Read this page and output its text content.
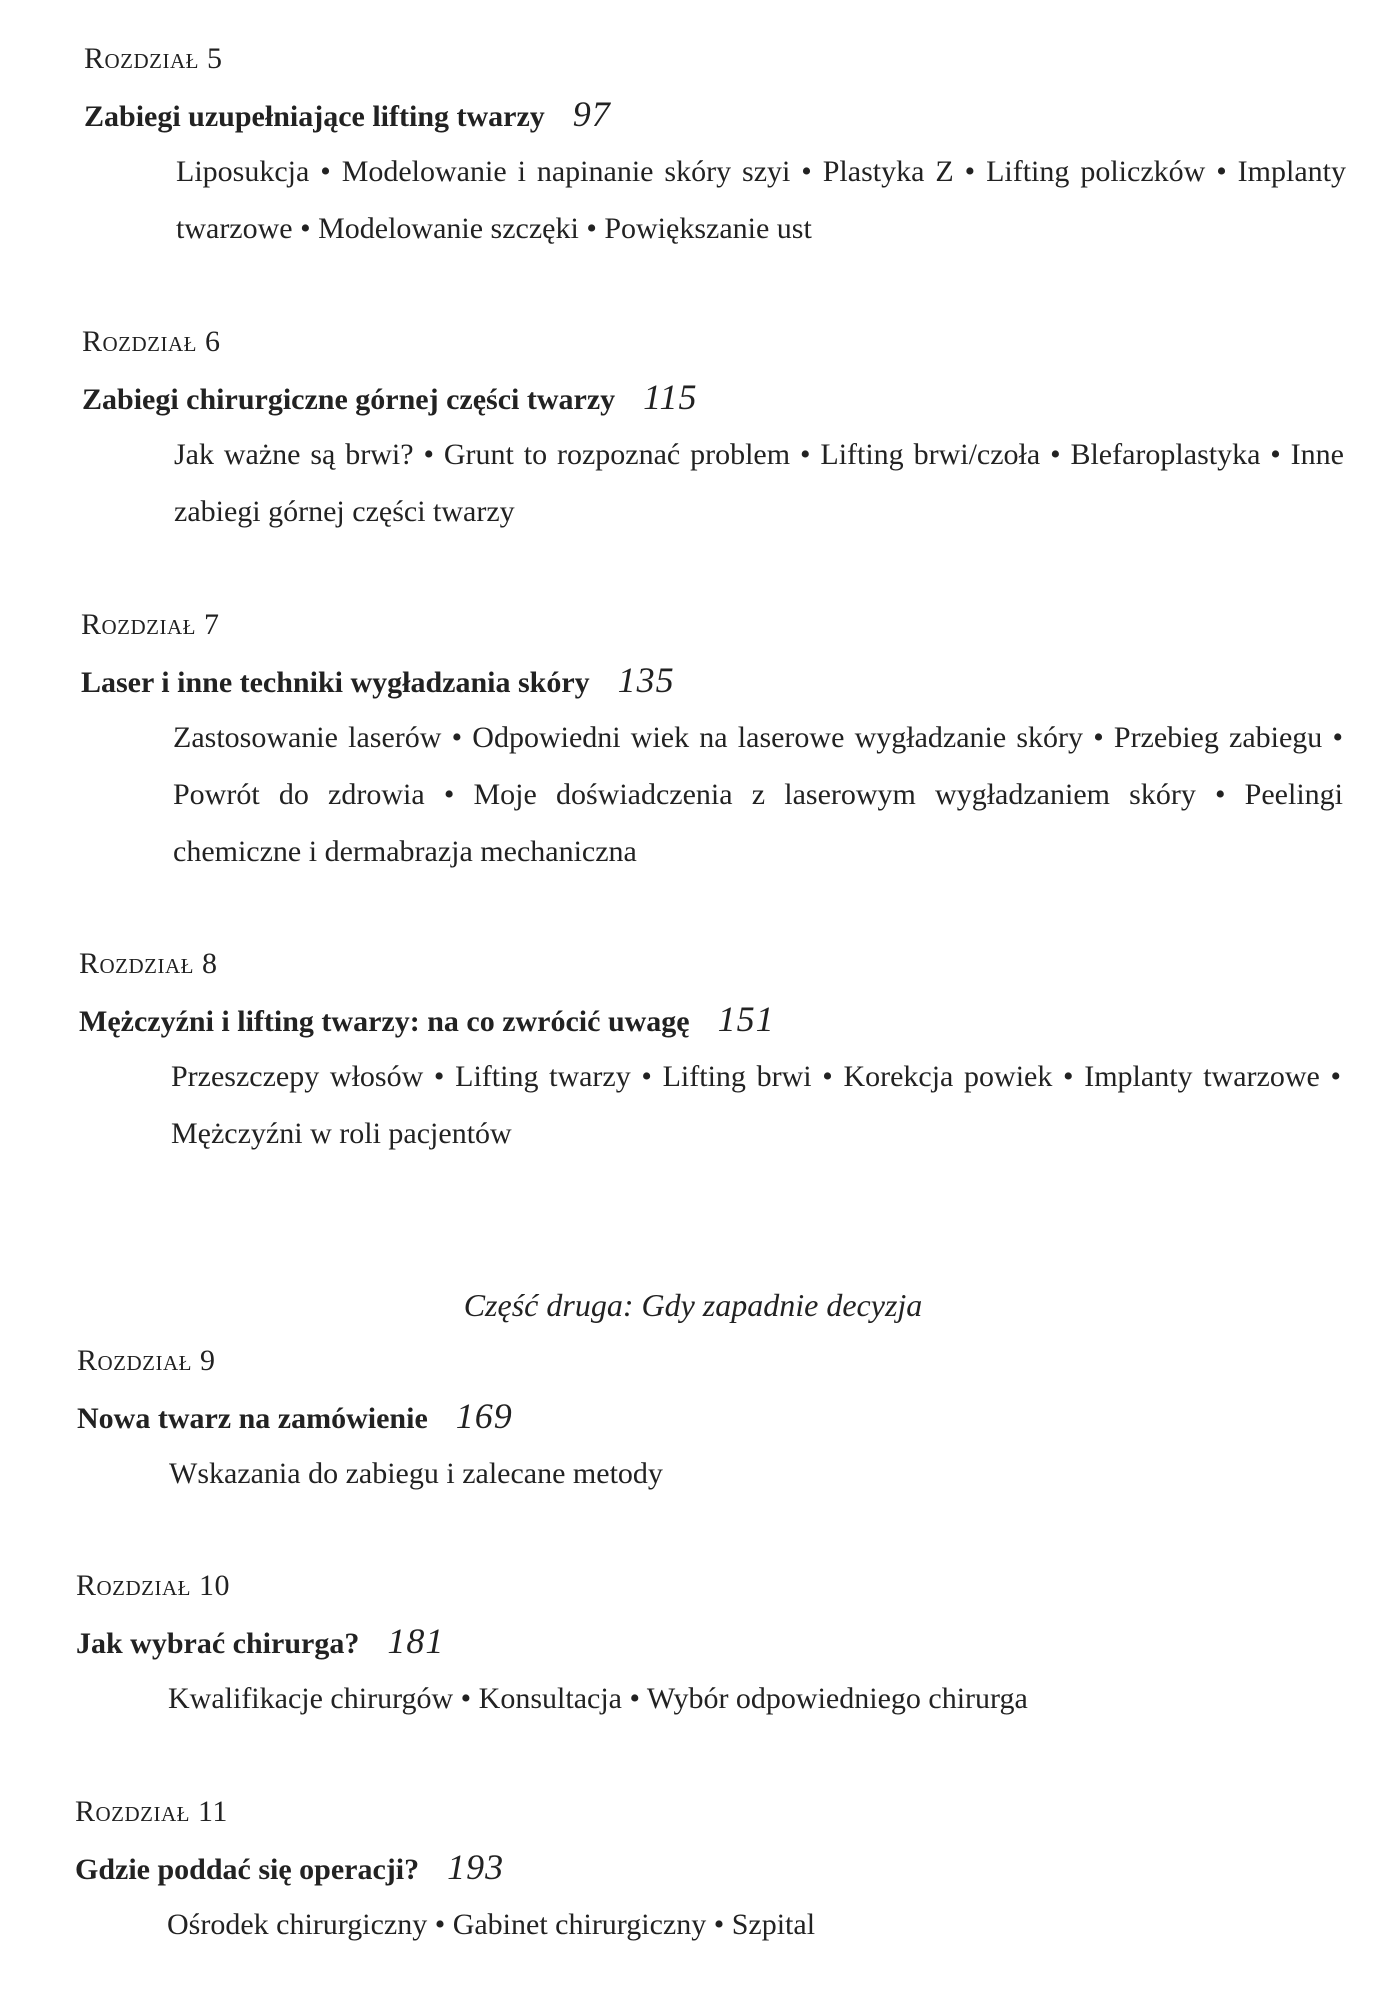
Rozdział 5

Zabiegi uzupełniające lifting twarzy 97

Liposukcja • Modelowanie i napinanie skóry szyi • Plastyka Z • Lifting policzków • Implanty twarzowe • Modelowanie szczęki • Powiększanie ust

Rozdział 6

Zabiegi chirurgiczne górnej części twarzy 115

Jak ważne są brwi? • Grunt to rozpoznać problem • Lifting brwi/czoła • Blefaroplastyka • Inne zabiegi górnej części twarzy

Rozdział 7

Laser i inne techniki wygładzania skóry 135

Zastosowanie laserów • Odpowiedni wiek na laserowe wygładzanie skóry • Przebieg zabiegu • Powrót do zdrowia • Moje doświadczenia z laserowym wygładzaniem skóry • Peelingi chemiczne i dermabrazja mechaniczna

Rozdział 8

Mężczyźni i lifting twarzy: na co zwrócić uwagę 151

Przeszczepy włosów • Lifting twarzy • Lifting brwi • Korekcja powiek • Implanty twarzowe • Mężczyźni w roli pacjentów

Część druga: Gdy zapadnie decyzja

Rozdział 9

Nowa twarz na zamówienie 169

Wskazania do zabiegu i zalecane metody

Rozdział 10

Jak wybrać chirurga? 181

Kwalifikacje chirurgów • Konsultacja • Wybór odpowiedniego chirurga

Rozdział 11

Gdzie poddać się operacji? 193

Ośrodek chirurgiczny • Gabinet chirurgiczny • Szpital
